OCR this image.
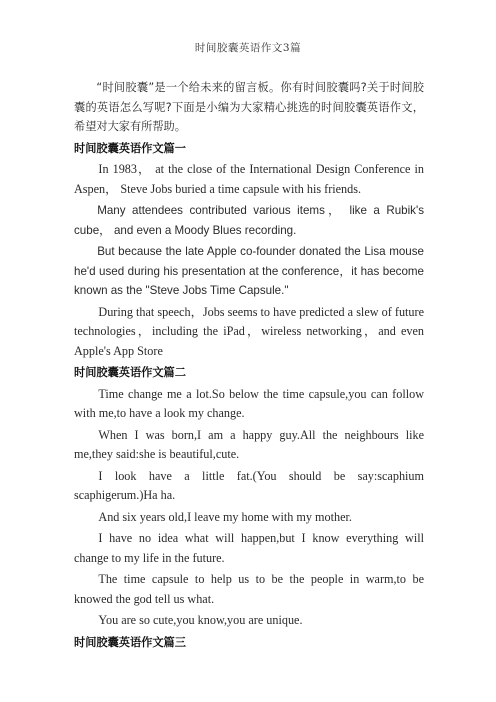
时间胶囊英语作文3篇

“时间胶囊”是一个给未来的留言板。你有时间胶囊吗?关于时间胶囊的英语怎么写呢?下面是小编为大家精心挑选的时间胶囊英语作文，希望对大家有所帮助。

时间胶囊英语作文篇一

In 1983， at the close of the International Design Conference in Aspen， Steve Jobs buried a time capsule with his friends.

Many attendees contributed various items， like a Rubik's cube， and even a Moody Blues recording.

But because the late Apple co-founder donated the Lisa mouse he'd used during his presentation at the conference，it has become known as the "Steve Jobs Time Capsule."

During that speech，Jobs seems to have predicted a slew of future technologies，including the iPad，wireless networking，and even Apple's App Store

时间胶囊英语作文篇二

Time change me a lot.So below the time capsule,you can follow with me,to have a look my change.

When I was born,I am a happy guy.All the neighbours like me,they said:she is beautiful,cute.

I look have a little fat.(You should be say:scaphium scaphigerum.)Ha ha.

And six years old,I leave my home with my mother.

I have no idea what will happen,but I know everything will change to my life in the future.

The time capsule to help us to be the people in warm,to be knowed the god tell us what.

You are so cute,you know,you are unique.

时间胶囊英语作文篇三
